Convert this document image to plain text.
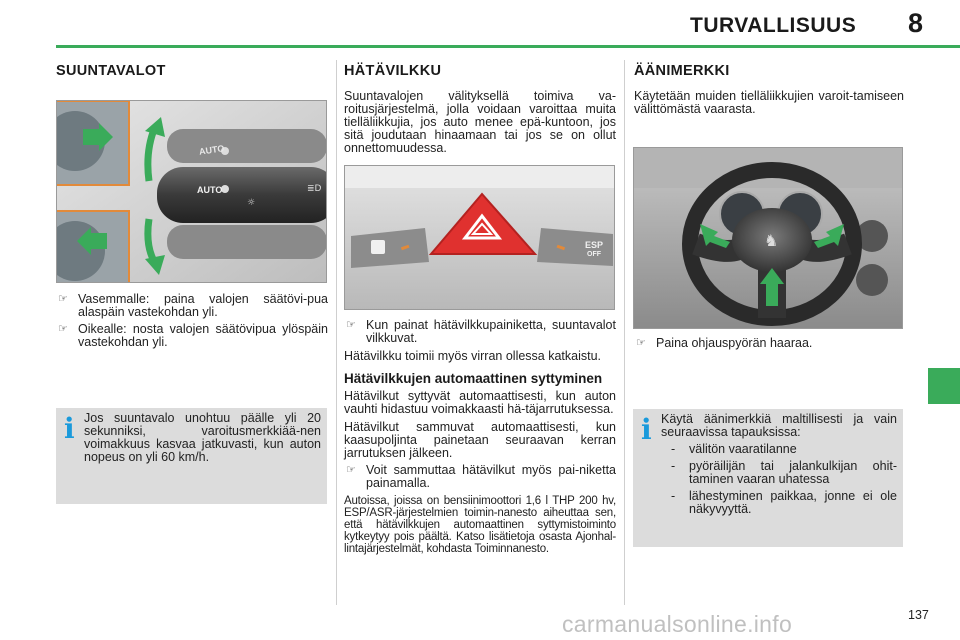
TURVALLISUUS 8
SUUNTAVALOT
≣D
☼
AUTO
AUTO
☞ Vasemmalle: paina valojen säätövi-pua alaspäin vastekohdan yli.
☞ Oikealle: nosta valojen säätövipua ylöspäin vastekohdan yli.
i Jos suuntavalo unohtuu päälle yli 20 sekunniksi, varoitusmerkkiää-nen voimakkuus kasvaa jatkuvasti, kun auton nopeus on yli 60 km/h.
HÄTÄVILKKU
Suuntavalojen välityksellä toimiva va-roitusjärjestelmä, jolla voidaan varoittaa muita tielläliikkujia, jos auto menee epä-kuntoon, jos sitä joudutaan hinaamaan tai jos se on ollut onnettomuudessa.
ESP
OFF
☞ Kun painat hätävilkkupainiketta, suuntavalot vilkkuvat.
Hätävilkku toimii myös virran ollessa katkaistu.
Hätävilkkujen automaattinen syttyminen
Hätävilkut syttyvät automaattisesti, kun auton vauhti hidastuu voimakkaasti hä-täjarrutuksessa.
Hätävilkut sammuvat automaattisesti, kun kaasupoljinta painetaan seuraavan kerran jarrutuksen jälkeen.
☞ Voit sammuttaa hätävilkut myös pai-niketta painamalla.
Autoissa, joissa on bensiinimoottori 1,6 l THP 200 hv, ESP/ASR-järjestelmien toimin-nanesto aiheuttaa sen, että hätävilkkujen automaattinen syttymistoiminto kytkeytyy pois päältä. Katso lisätietoja osasta Ajonhal-lintajärjestelmät, kohdasta Toiminnanesto.
ÄÄNIMERKKI
Käytetään muiden tielläliikkujien varoit-tamiseen välittömästä vaarasta.
♞
☞ Paina ohjauspyörän haaraa.
i Käytä äänimerkkiä maltillisesti ja vain seuraavissa tapauksissa:
- välitön vaaratilanne
- pyöräilijän tai jalankulkijan ohit-taminen vaaran uhatessa
- lähestyminen paikkaa, jonne ei ole näkyvyyttä.
carmanualsonline.info	137
